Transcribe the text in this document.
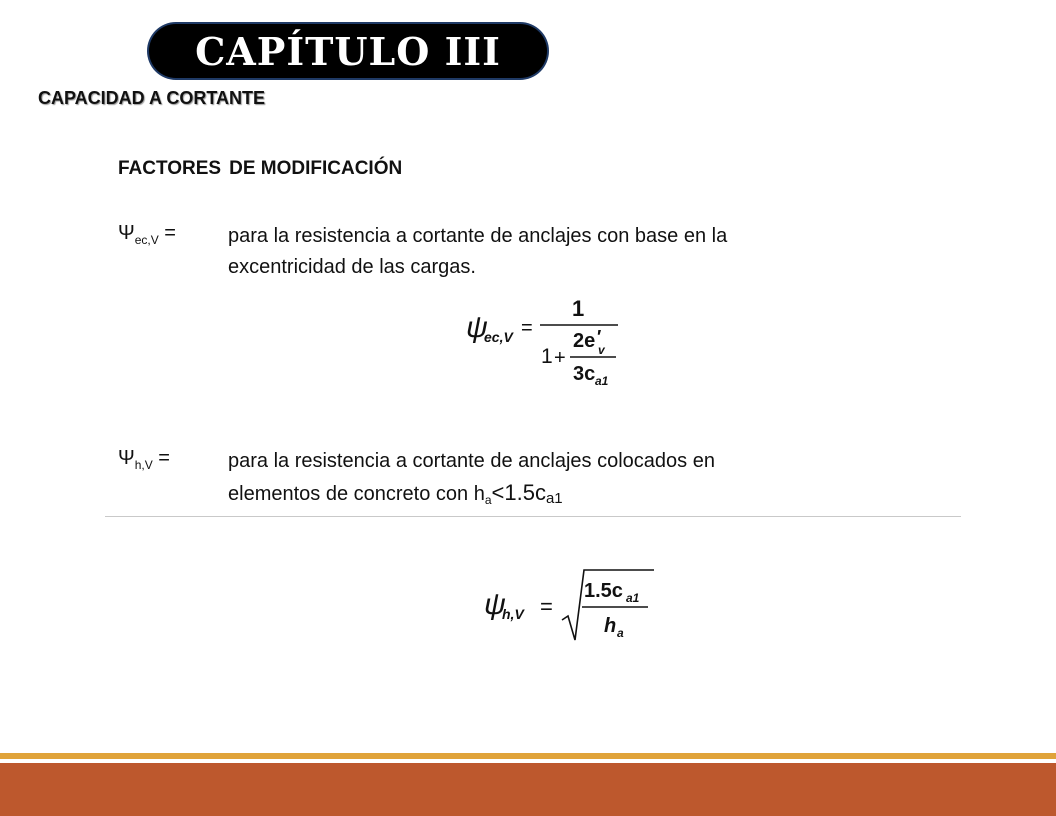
CAPÍTULO III
CAPACIDAD A CORTANTE
FACTORES DE MODIFICACIÓN
$\Psi_{ec,V}$ =	para la resistencia a cortante de anclajes con base en la
excentricidad de las cargas.
ψ
ec,V =
1
1 +
2e ′
v
3c a1
$\Psi_{h,V}$ =	para la resistencia a cortante de anclajes colocados en
elementos de concreto con $h_a<1.5ca1$
ψ
h,V =
1.5c a1
h a
